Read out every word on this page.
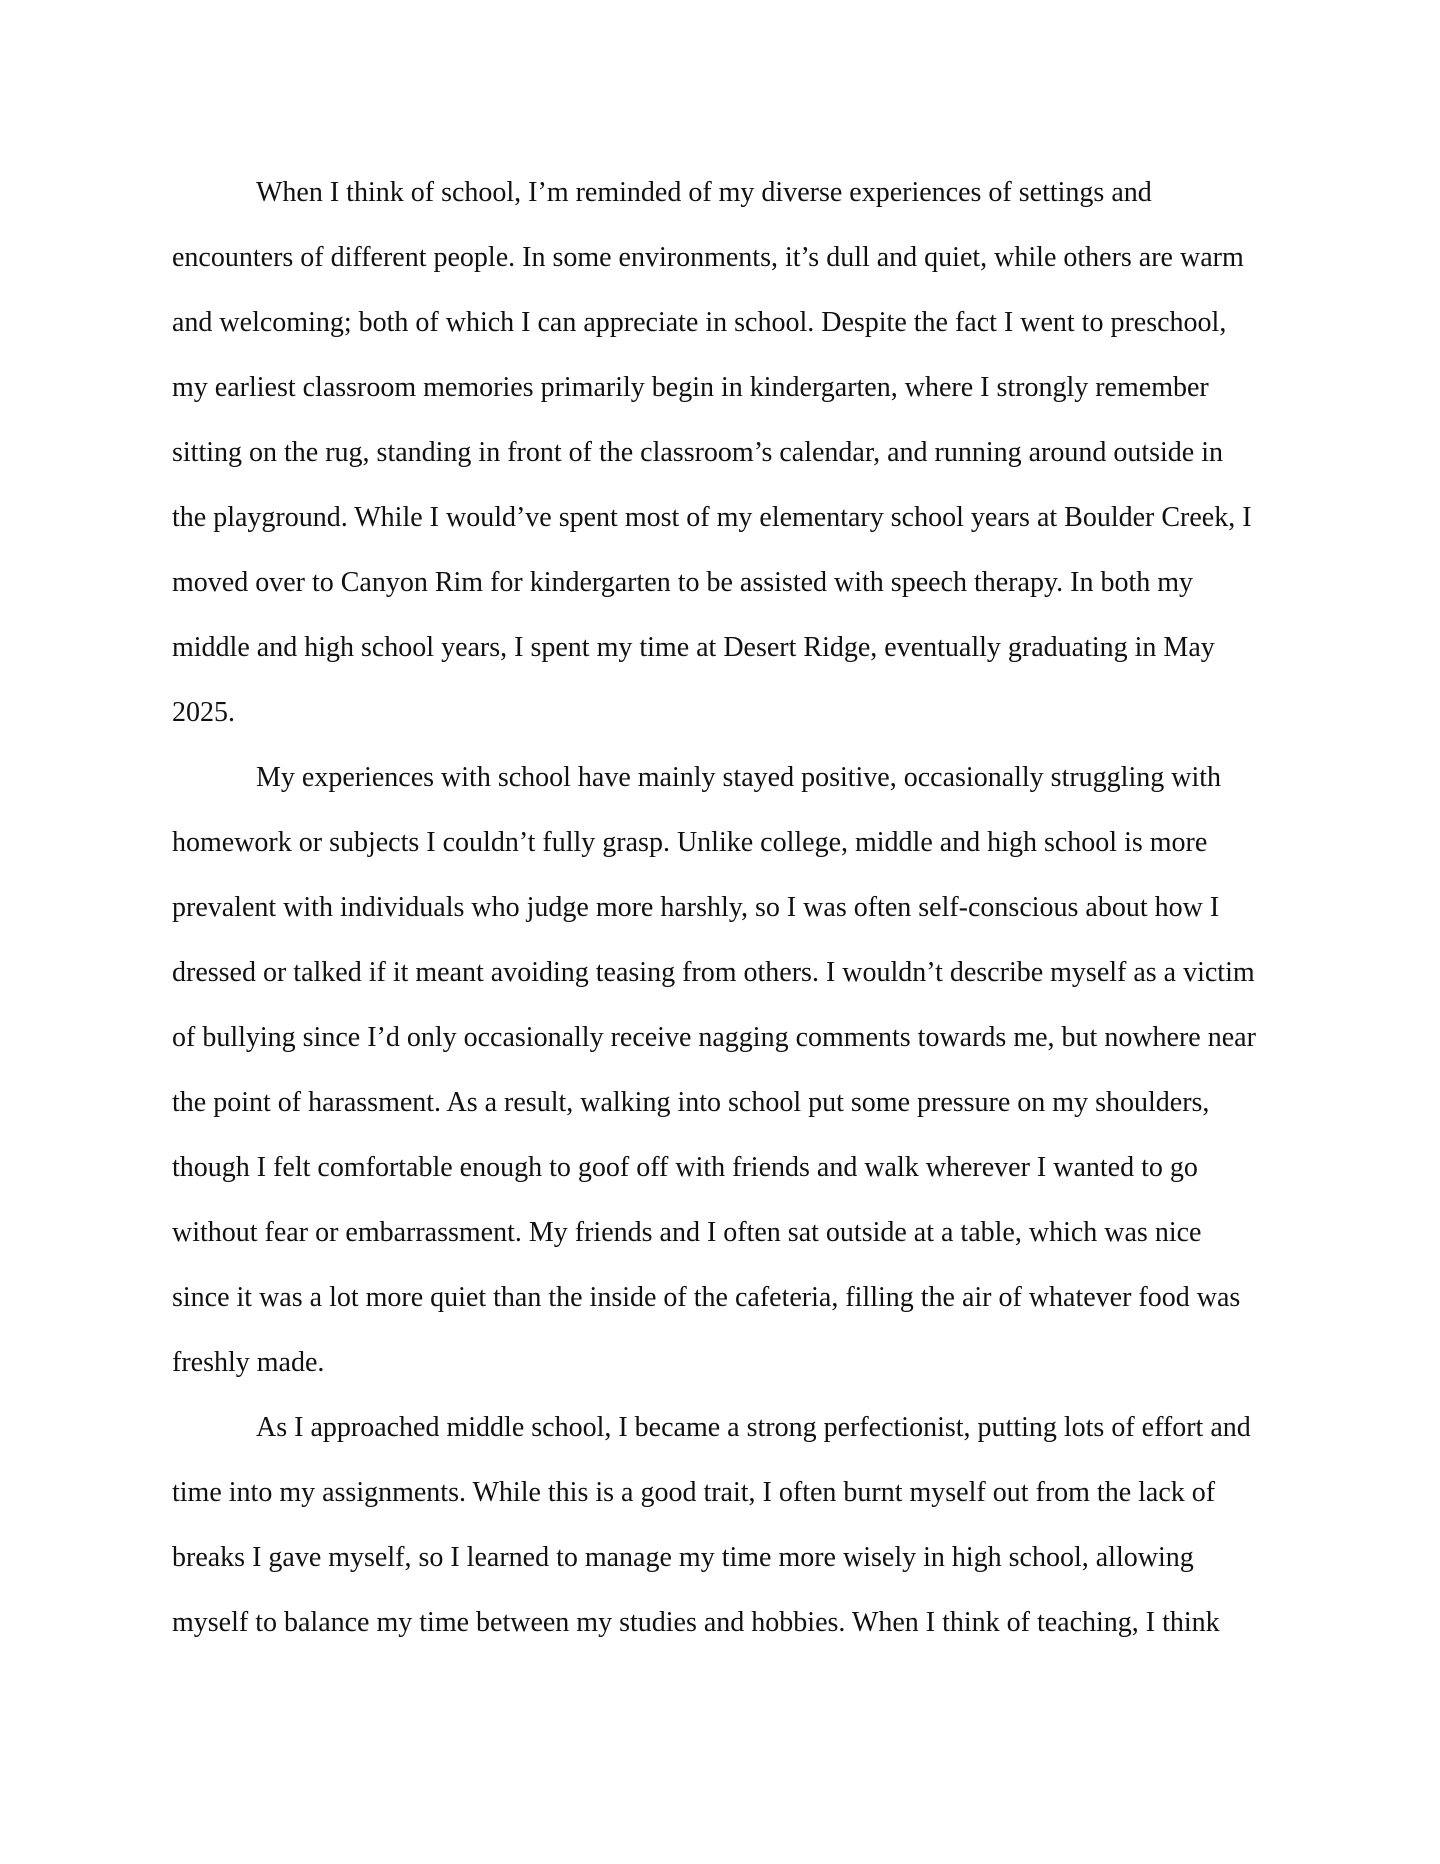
When I think of school, I’m reminded of my diverse experiences of settings and
encounters of different people. In some environments, it’s dull and quiet, while others are warm
and welcoming; both of which I can appreciate in school. Despite the fact I went to preschool,
my earliest classroom memories primarily begin in kindergarten, where I strongly remember
sitting on the rug, standing in front of the classroom’s calendar, and running around outside in
the playground. While I would’ve spent most of my elementary school years at Boulder Creek, I
moved over to Canyon Rim for kindergarten to be assisted with speech therapy. In both my
middle and high school years, I spent my time at Desert Ridge, eventually graduating in May
2025.
My experiences with school have mainly stayed positive, occasionally struggling with
homework or subjects I couldn’t fully grasp. Unlike college, middle and high school is more
prevalent with individuals who judge more harshly, so I was often self-conscious about how I
dressed or talked if it meant avoiding teasing from others. I wouldn’t describe myself as a victim
of bullying since I’d only occasionally receive nagging comments towards me, but nowhere near
the point of harassment. As a result, walking into school put some pressure on my shoulders,
though I felt comfortable enough to goof off with friends and walk wherever I wanted to go
without fear or embarrassment. My friends and I often sat outside at a table, which was nice
since it was a lot more quiet than the inside of the cafeteria, filling the air of whatever food was
freshly made.
As I approached middle school, I became a strong perfectionist, putting lots of effort and
time into my assignments. While this is a good trait, I often burnt myself out from the lack of
breaks I gave myself, so I learned to manage my time more wisely in high school, allowing
myself to balance my time between my studies and hobbies. When I think of teaching, I think
